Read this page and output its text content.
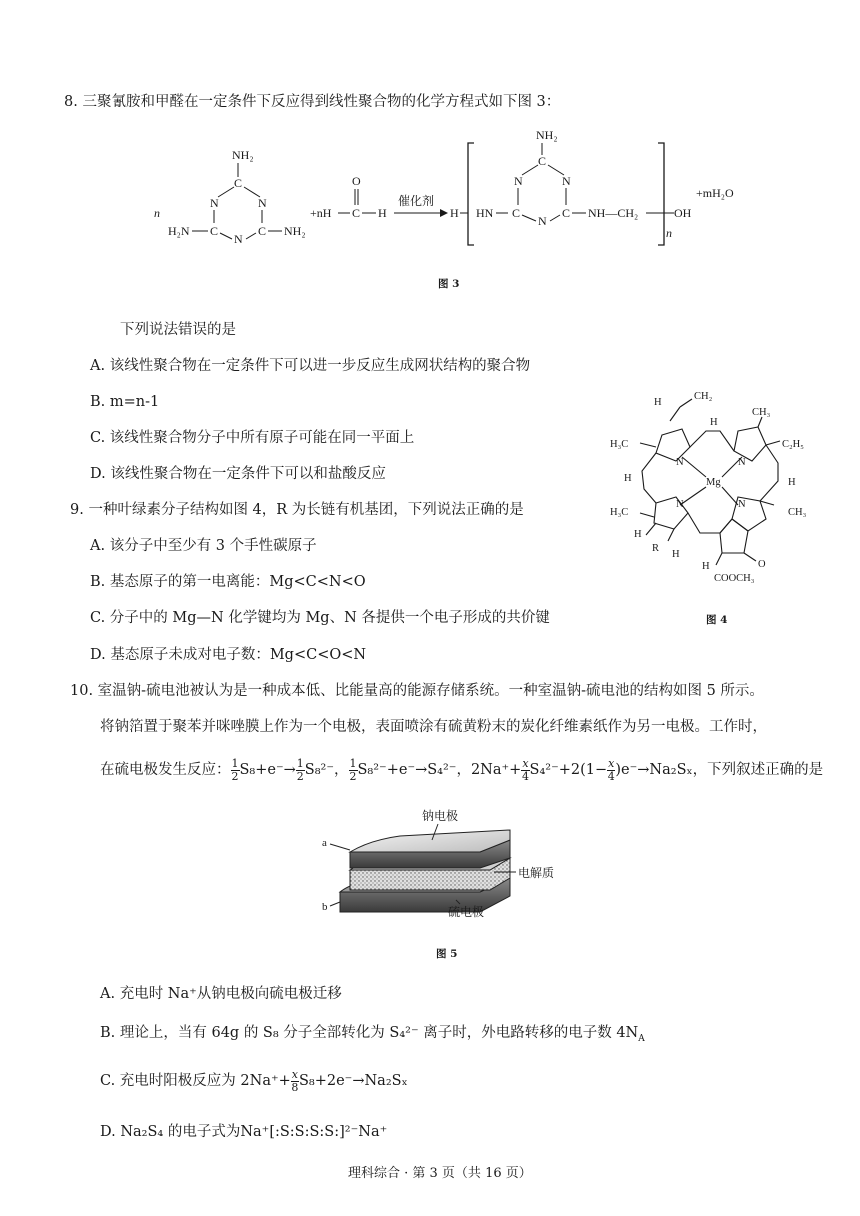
8. 三聚氰胺和甲醛在一定条件下反应得到线性聚合物的化学方程式如下图 3：
n
NH₂
C
N	N
C	C
N
H₂N	NH₂
+nH
O
C H
催化剂
H HN
NH₂
C
N	N
C	C
N
NH—CH₂
n
OH
+mH₂O
图 3
下列说法错误的是
A. 该线性聚合物在一定条件下可以进一步反应生成网状结构的聚合物
B. m=n-1
C. 该线性聚合物分子中所有原子可能在同一平面上
D. 该线性聚合物在一定条件下可以和盐酸反应
9. 一种叶绿素分子结构如图 4，R 为长链有机基团，下列说法正确的是
A. 该分子中至少有 3 个手性碳原子
B. 基态原子的第一电离能：Mg<C<N<O
C. 分子中的 Mg—N 化学键均为 Mg、N 各提供一个电子形成的共价键
D. 基态原子未成对电子数：Mg<C<O<N
H
CH₂
H
CH₃
H₃C	C₂H₅
N	N
N	N
Mg
H	H
H₃C	CH₃
H
R
H
H	O
COOCH₃
图 4
10. 室温钠-硫电池被认为是一种成本低、比能量高的能源存储系统。一种室温钠-硫电池的结构如图 5 所示。
将钠箔置于聚苯并咪唑膜上作为一个电极，表面喷涂有硫黄粉末的炭化纤维素纸作为另一电极。工作时，
在硫电极发生反应： $\frac{1}{2} S_8+e^-\to \frac{1}{2} S_8^{2-}$， $\frac{1}{2} S_8^{2-}+e^-\to S_4^{2-}$，$2Na^++ \frac{x}{4} S_4^{2-}+2(1- \frac{x}{4} )e^-\to Na_2S_x$，下列叙述正确的是
钠电极
电解质
硫电极
a
b
图 5
A. 充电时 Na⁺从钠电极向硫电极迁移
B. 理论上，当有 64g 的 S₈ 分子全部转化为 S₄²⁻ 离子时，外电路转移的电子数 $4N_A$
C. 充电时阳极反应为 $2Na^++ \frac{x}{8} S_8+2e^-\to Na_2S_x$
D. Na₂S₄ 的电子式为Na⁺[:S:S:S:S:]²⁻Na⁺
理科综合 · 第 3 页（共 16 页）
